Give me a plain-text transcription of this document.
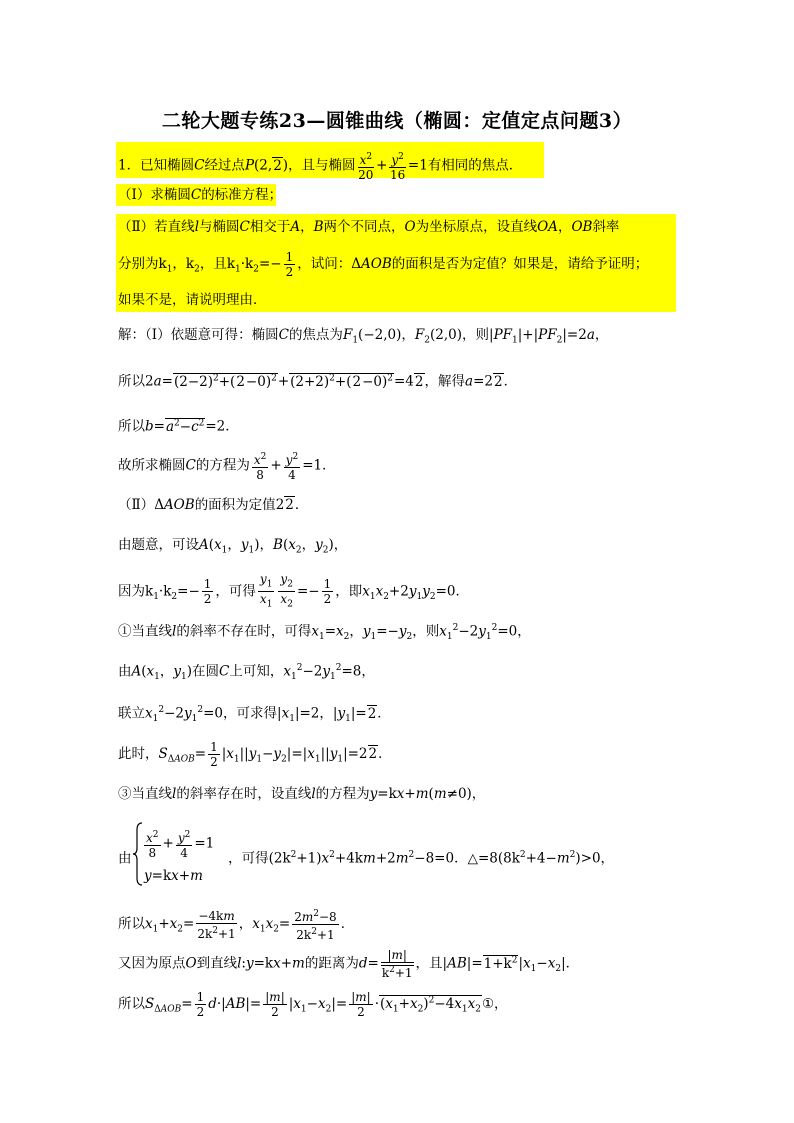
二轮大题专练23—圆锥曲线（椭圆：定值定点问题3）
1．已知椭圆C经过点P(2,2)，且与椭圆 $\frac{x^2}{20} + \frac{y^2}{16} =1$有相同的焦点．
（Ⅰ）求椭圆C的标准方程；
（Ⅱ）若直线l与椭圆C相交于A，B两个不同点，O为坐标原点，设直线OA，OB斜率
分别为$k_1$，$k_2$，且$k_1\cdot k_2=- \frac{1}{2}$ ，试问：ΔAOB的面积是否为定值？如果是，请给予证明；
如果不是，请说明理由．
解：（Ⅰ）依题意可得：椭圆C的焦点为$F_1(-2,0)$，$F_2(2,0)$，则$|PF_1|+|PF_2|=2a$，
所以$2a=(2-2)^2+(2-0)^2+(2+2)^2+(2-0)^2=42$，解得a=22．
所以$b=a^2-c^2=2$．
故所求椭圆C的方程为 $\frac{x^2}{8} + \frac{y^2}{4} =1$．
（Ⅱ）ΔAOB的面积为定值22．
由题意，可设$A(x_1$，$y_1$)，$B(x_2$，$y_2$)，
因为$k_1\cdot k_2=- \frac{1}{2}$ ，可得 $\frac{y_1}{x_1} \frac{y_2}{x_2} =- \frac{1}{2}$ ，即$x_1x_2+2y_1y_2=0$．
①当直线l的斜率不存在时，可得$x_1=x_2$，$y_1=-y_2$，则$x_1^2-2y_1^2=0$，
由$A(x_1$，$y_1$)在圆C上可知，$x_1^2-2y_1^2=8$，
联立$x_1^2-2y_1^2=0$，可求得$|x_1|=2$，$|y_1|=2$．
此时，$S_{\Delta AOB}= \frac{1}{2} |x_1||y_1-y_2|=|x_1||y_1|=22$．
③当直线l的斜率存在时，设直线l的方程为y=kx+m(m≠0)，
由	，可得$(2k^2+1)x^2+4km+2m^2-8=0$．$\triangle=8(8k^2+4-m^2)>0$，
$\frac{x^2}{8} + \frac{y^2}{4} =1$
y=kx+m
所以$x_1+x_2= \frac{-4km}{2k^2+1}$ ，$x_1x_2= \frac{2m^2-8}{2k^2+1}$ ．
又因为原点O到直线l:y=kx+m的距离为$d= \frac{|m|}{k^2+1}$ ，且$|AB|=1+k^2|x_1-x_2|$．
所以$S_{\Delta AOB}= \frac{1}{2} d\cdot|AB|= \frac{|m|}{2} |x_1-x_2|= \frac{|m|}{2}$ $\cdot(x_1+x_2)^2-4x_1x_2①$，
